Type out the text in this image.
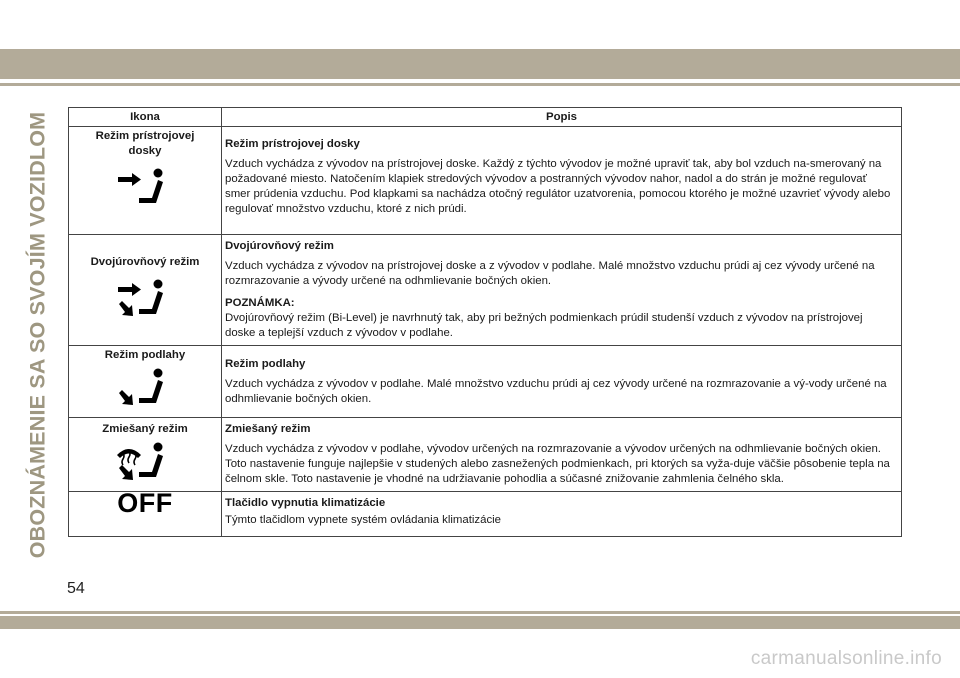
OBOZNÁMENIE SA SO SVOJÍM VOZIDLOM	Ikona	Popis

Režim prístrojovej dosky	Režim prístrojovej dosky

Vzduch vychádza z vývodov na prístrojovej doske. Každý z týchto vývodov je možné upraviť tak, aby bol vzduch na-smerovaný na požadované miesto. Natočením klapiek stredových vývodov a postranných vývodov nahor, nadol a do strán je možné regulovať smer prúdenia vzduchu. Pod klapkami sa nachádza otočný regulátor uzatvorenia, pomocou ktorého je možné uzavrieť vývody alebo regulovať množstvo vzduchu, ktoré z nich prúdi.

Dvojúrovňový režim	Dvojúrovňový režim

Vzduch vychádza z vývodov na prístrojovej doske a z vývodov v podlahe. Malé množstvo vzduchu prúdi aj cez vývody určené na rozmrazovanie a vývody určené na odhmlievanie bočných okien.

POZNÁMKA:

Dvojúrovňový režim (Bi-Level) je navrhnutý tak, aby pri bežných podmienkach prúdil studenší vzduch z vývodov na prístrojovej doske a teplejší vzduch z vývodov v podlahe.

Režim podlahy	Režim podlahy

Vzduch vychádza z vývodov v podlahe. Malé množstvo vzduchu prúdi aj cez vývody určené na rozmrazovanie a vý-vody určené na odhmlievanie bočných okien.

Zmiešaný režim	Zmiešaný režim

Vzduch vychádza z vývodov v podlahe, vývodov určených na rozmrazovanie a vývodov určených na odhmlievanie bočných okien. Toto nastavenie funguje najlepšie v studených alebo zasnežených podmienkach, pri ktorých sa vyža-duje väčšie pôsobenie tepla na čelnom skle. Toto nastavenie je vhodné na udržiavanie pohodlia a súčasné znižovanie zahmlenia čelného skla.

OFF	Tlačidlo vypnutia klimatizácie

Týmto tlačidlom vypnete systém ovládania klimatizácie

54
carmanualsonline.info
